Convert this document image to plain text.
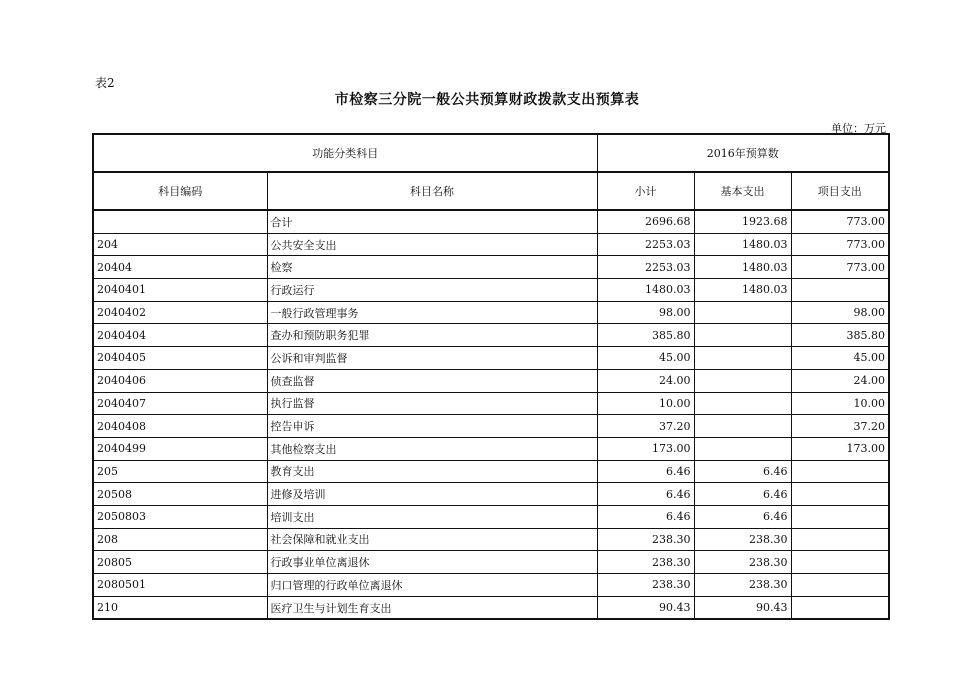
表2
市检察三分院一般公共预算财政拨款支出预算表
单位：万元
功能分类科目		2016年预算数		
科目编码	科目名称	小计	基本支出	项目支出
	合计	2696.68	1923.68	773.00
204	公共安全支出	2253.03	1480.03	773.00
20404	检察	2253.03	1480.03	773.00
2040401	行政运行	1480.03	1480.03	
2040402	一般行政管理事务	98.00		98.00
2040404	查办和预防职务犯罪	385.80		385.80
2040405	公诉和审判监督	45.00		45.00
2040406	侦查监督	24.00		24.00
2040407	执行监督	10.00		10.00
2040408	控告申诉	37.20		37.20
2040499	其他检察支出	173.00		173.00
205	教育支出	6.46	6.46	
20508	进修及培训	6.46	6.46	
2050803	培训支出	6.46	6.46	
208	社会保障和就业支出	238.30	238.30	
20805	行政事业单位离退休	238.30	238.30	
2080501	归口管理的行政单位离退休	238.30	238.30	
210	医疗卫生与计划生育支出	90.43	90.43	
